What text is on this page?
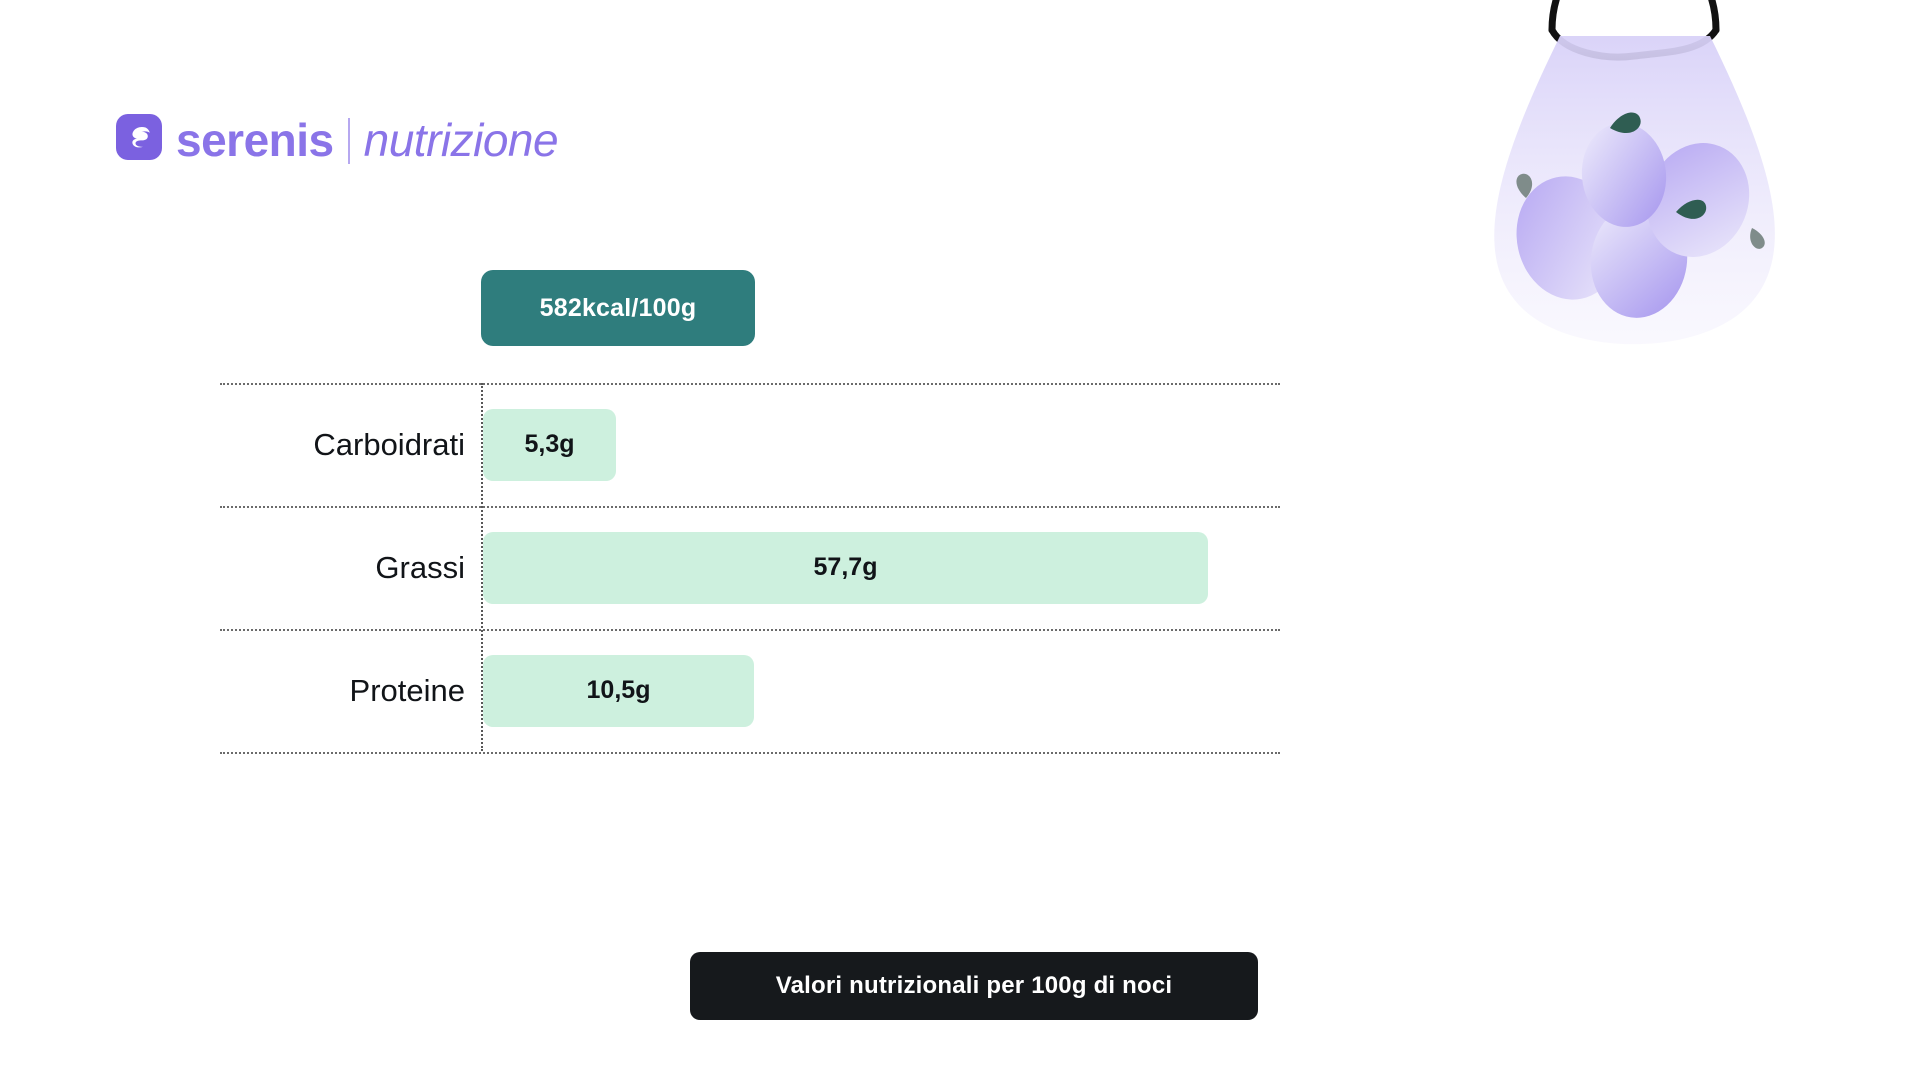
serenis nutrizione
582kcal/100g
Carboidrati	5,3g
Grassi	57,7g
Proteine	10,5g
Valori nutrizionali per 100g di noci
